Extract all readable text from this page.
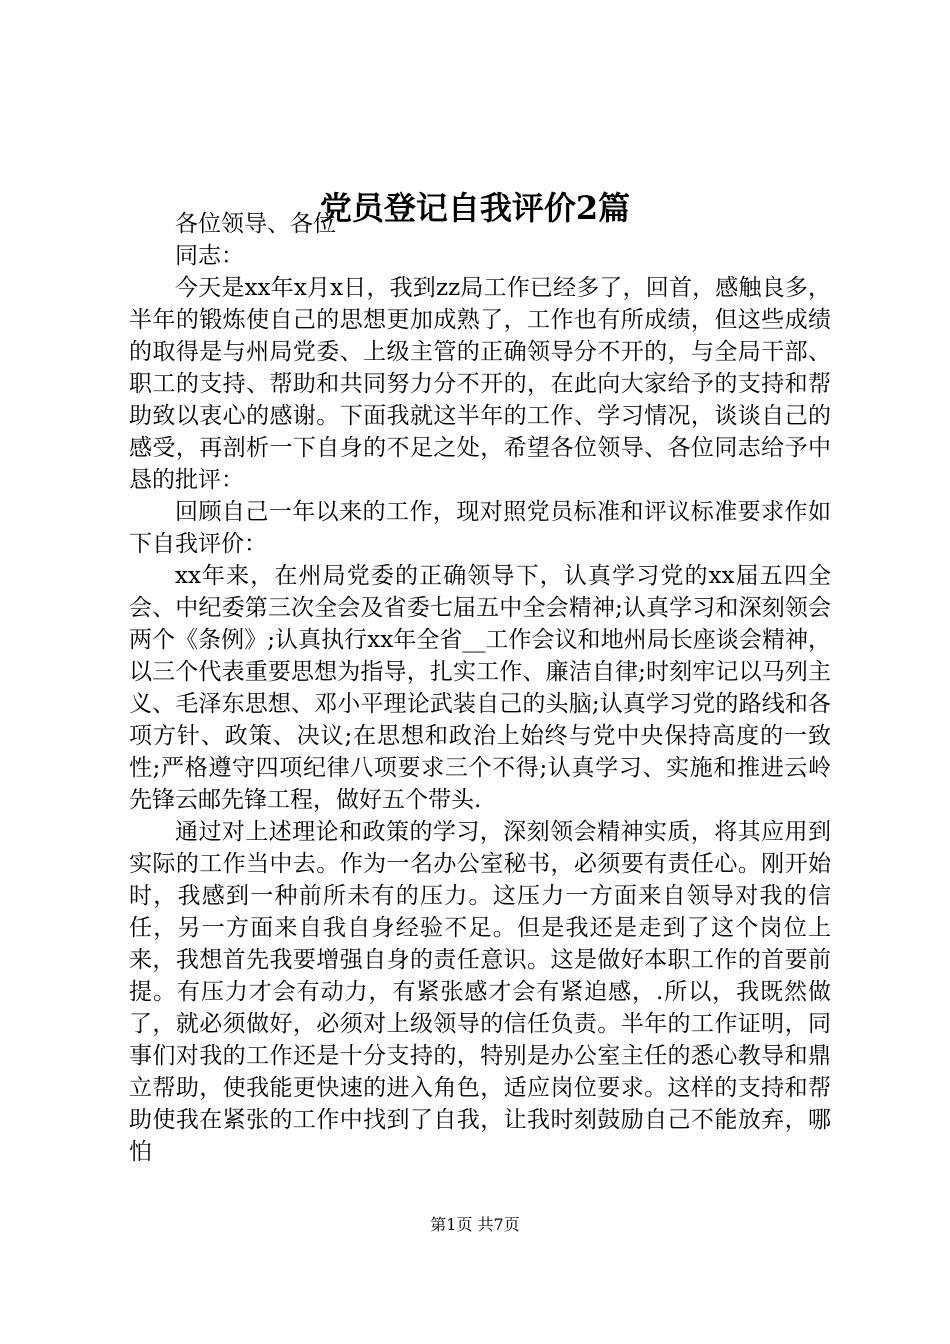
党员登记自我评价2篇

各位领导、各位

同志：

今天是xx年x月x日，我到zz局工作已经多了，回首，感触良多，半年的锻炼使自己的思想更加成熟了，工作也有所成绩，但这些成绩的取得是与州局党委、上级主管的正确领导分不开的，与全局干部、职工的支持、帮助和共同努力分不开的，在此向大家给予的支持和帮助致以衷心的感谢。下面我就这半年的工作、学习情况，谈谈自己的感受，再剖析一下自身的不足之处，希望各位领导、各位同志给予中恳的批评：

回顾自己一年以来的工作，现对照党员标准和评议标准要求作如下自我评价：

xx年来，在州局党委的正确领导下，认真学习党的xx届五四全会、中纪委第三次全会及省委七届五中全会精神;认真学习和深刻领会两个《条例》;认真执行xx年全省__工作会议和地州局长座谈会精神，以三个代表重要思想为指导，扎实工作、廉洁自律;时刻牢记以马列主义、毛泽东思想、邓小平理论武装自己的头脑;认真学习党的路线和各项方针、政策、决议;在思想和政治上始终与党中央保持高度的一致性;严格遵守四项纪律八项要求三个不得;认真学习、实施和推进云岭先锋云邮先锋工程，做好五个带头.

通过对上述理论和政策的学习，深刻领会精神实质，将其应用到实际的工作当中去。作为一名办公室秘书，必须要有责任心。刚开始时，我感到一种前所未有的压力。这压力一方面来自领导对我的信任，另一方面来自我自身经验不足。但是我还是走到了这个岗位上来，我想首先我要增强自身的责任意识。这是做好本职工作的首要前提。有压力才会有动力，有紧张感才会有紧迫感，.所以，我既然做了，就必须做好，必须对上级领导的信任负责。半年的工作证明，同事们对我的工作还是十分支持的，特别是办公室主任的悉心教导和鼎立帮助，使我能更快速的进入角色，适应岗位要求。这样的支持和帮助使我在紧张的工作中找到了自我，让我时刻鼓励自己不能放弃，哪怕

第1页 共7页
